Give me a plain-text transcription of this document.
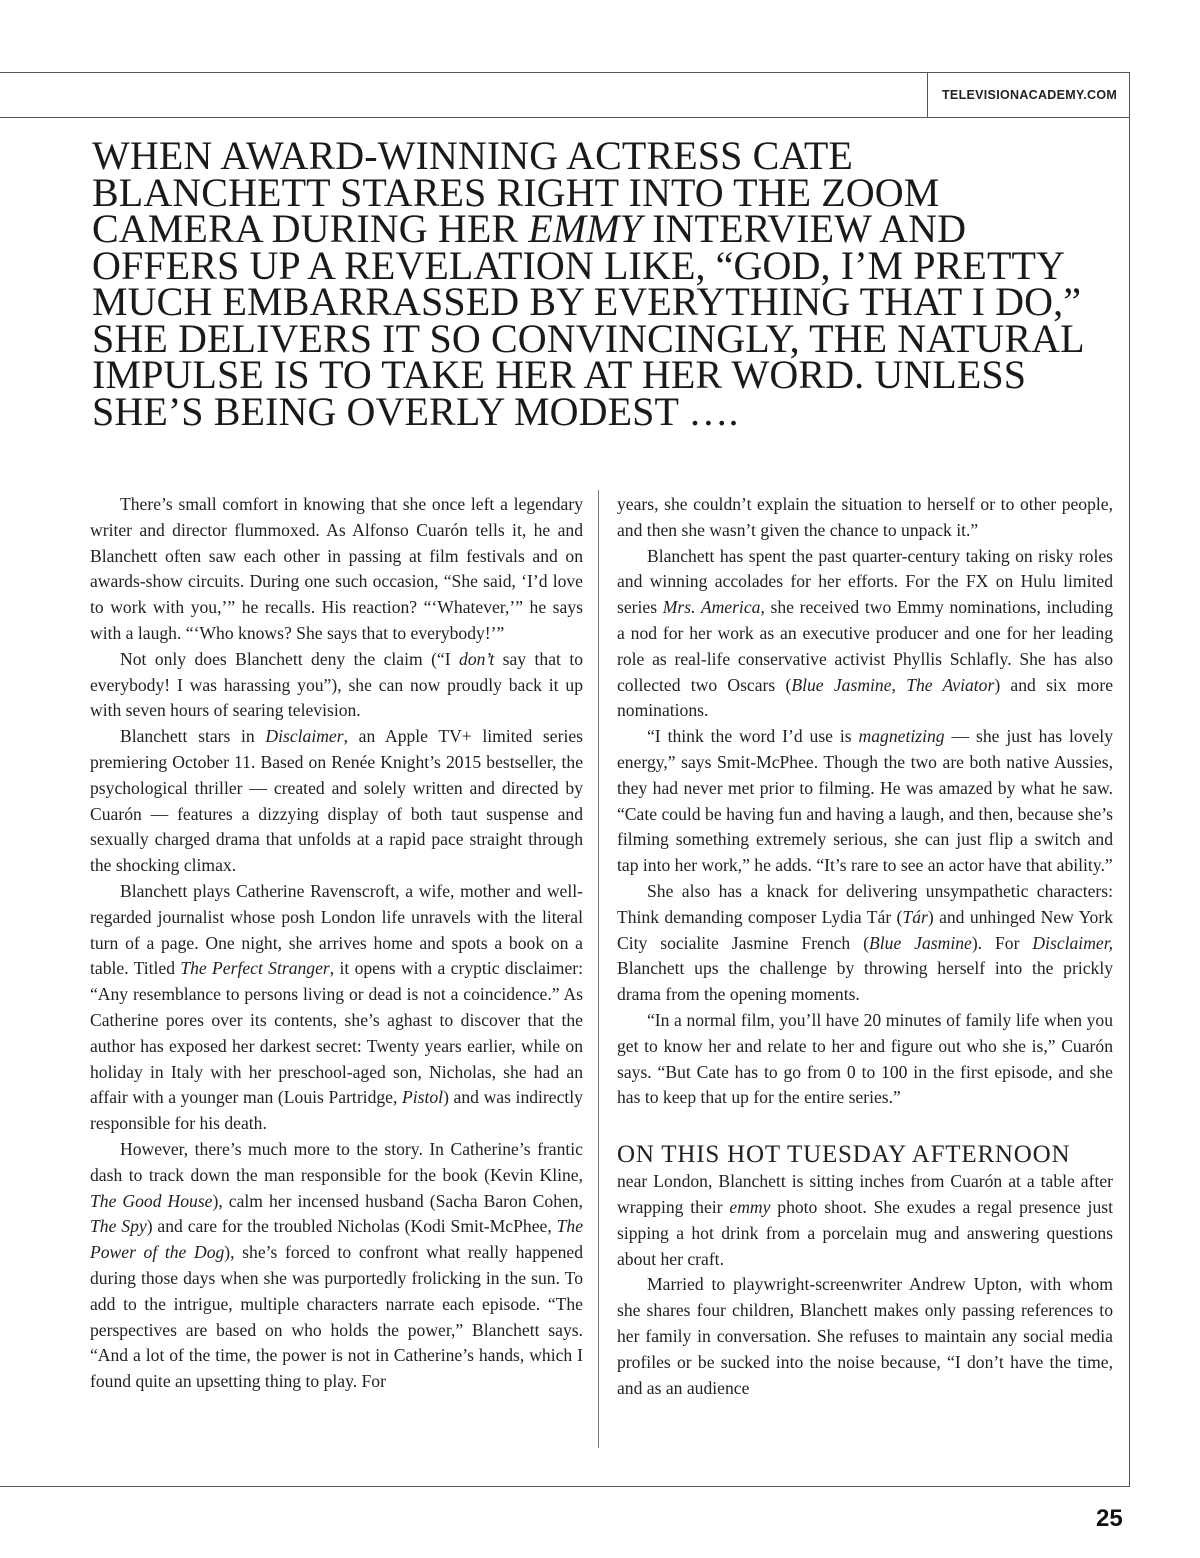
TELEVISIONACADEMY.COM
WHEN AWARD-WINNING ACTRESS CATE
BLANCHETT STARES RIGHT INTO THE ZOOM
CAMERA DURING HER EMMY INTERVIEW AND
OFFERS UP A REVELATION LIKE, “GOD, I’M PRETTY
MUCH EMBARRASSED BY EVERYTHING THAT I DO,”
SHE DELIVERS IT SO CONVINCINGLY, THE NATURAL
IMPULSE IS TO TAKE HER AT HER WORD. UNLESS
SHE’S BEING OVERLY MODEST ….

There’s small comfort in knowing that she once left a legendary writer and director flummoxed. As Alfonso Cuarón tells it, he and Blanchett often saw each other in passing at film festivals and on awards-show circuits. During one such occasion, “She said, ‘I’d love to work with you,’” he recalls. His reaction? “‘Whatever,’” he says with a laugh. “‘Who knows? She says that to everybody!’”

Not only does Blanchett deny the claim (“I don’t say that to everybody! I was harassing you”), she can now proudly back it up with seven hours of searing television.

Blanchett stars in Disclaimer, an Apple TV+ limited series premiering October 11. Based on Renée Knight’s 2015 bestseller, the psychological thriller — created and solely written and directed by Cuarón — features a dizzying display of both taut suspense and sexually charged drama that unfolds at a rapid pace straight through the shocking climax.

Blanchett plays Catherine Ravenscroft, a wife, mother and well-regarded journalist whose posh London life unravels with the literal turn of a page. One night, she arrives home and spots a book on a table. Titled The Perfect Stranger, it opens with a cryptic disclaimer: “Any resemblance to persons living or dead is not a coincidence.” As Catherine pores over its contents, she’s aghast to discover that the author has exposed her darkest secret: Twenty years earlier, while on holiday in Italy with her preschool-aged son, Nicholas, she had an affair with a younger man (Louis Partridge, Pistol) and was indirectly responsible for his death.

However, there’s much more to the story. In Catherine’s frantic dash to track down the man responsible for the book (Kevin Kline, The Good House), calm her incensed husband (Sacha Baron Cohen, The Spy) and care for the troubled Nicholas (Kodi Smit-McPhee, The Power of the Dog), she’s forced to confront what really happened during those days when she was purportedly frolicking in the sun. To add to the intrigue, multiple characters narrate each episode. “The perspectives are based on who holds the power,” Blanchett says. “And a lot of the time, the power is not in Catherine’s hands, which I found quite an upsetting thing to play. For

years, she couldn’t explain the situation to herself or to other people, and then she wasn’t given the chance to unpack it.”

Blanchett has spent the past quarter-century taking on risky roles and winning accolades for her efforts. For the FX on Hulu limited series Mrs. America, she received two Emmy nominations, including a nod for her work as an executive producer and one for her leading role as real-life conservative activist Phyllis Schlafly. She has also collected two Oscars (Blue Jasmine, The Aviator) and six more nominations.

“I think the word I’d use is magnetizing — she just has lovely energy,” says Smit-McPhee. Though the two are both native Aussies, they had never met prior to filming. He was amazed by what he saw. “Cate could be having fun and having a laugh, and then, because she’s filming something extremely serious, she can just flip a switch and tap into her work,” he adds. “It’s rare to see an actor have that ability.”

She also has a knack for delivering unsympathetic characters: Think demanding composer Lydia Tár (Tár) and unhinged New York City socialite Jasmine French (Blue Jasmine). For Disclaimer, Blanchett ups the challenge by throwing herself into the prickly drama from the opening moments.

“In a normal film, you’ll have 20 minutes of family life when you get to know her and relate to her and figure out who she is,” Cuarón says. “But Cate has to go from 0 to 100 in the first episode, and she has to keep that up for the entire series.”

ON THIS HOT TUESDAY AFTERNOON

near London, Blanchett is sitting inches from Cuarón at a table after wrapping their emmy photo shoot. She exudes a regal presence just sipping a hot drink from a porcelain mug and answering questions about her craft.

Married to playwright-screenwriter Andrew Upton, with whom she shares four children, Blanchett makes only passing references to her family in conversation. She refuses to maintain any social media profiles or be sucked into the noise because, “I don’t have the time, and as an audience

25
